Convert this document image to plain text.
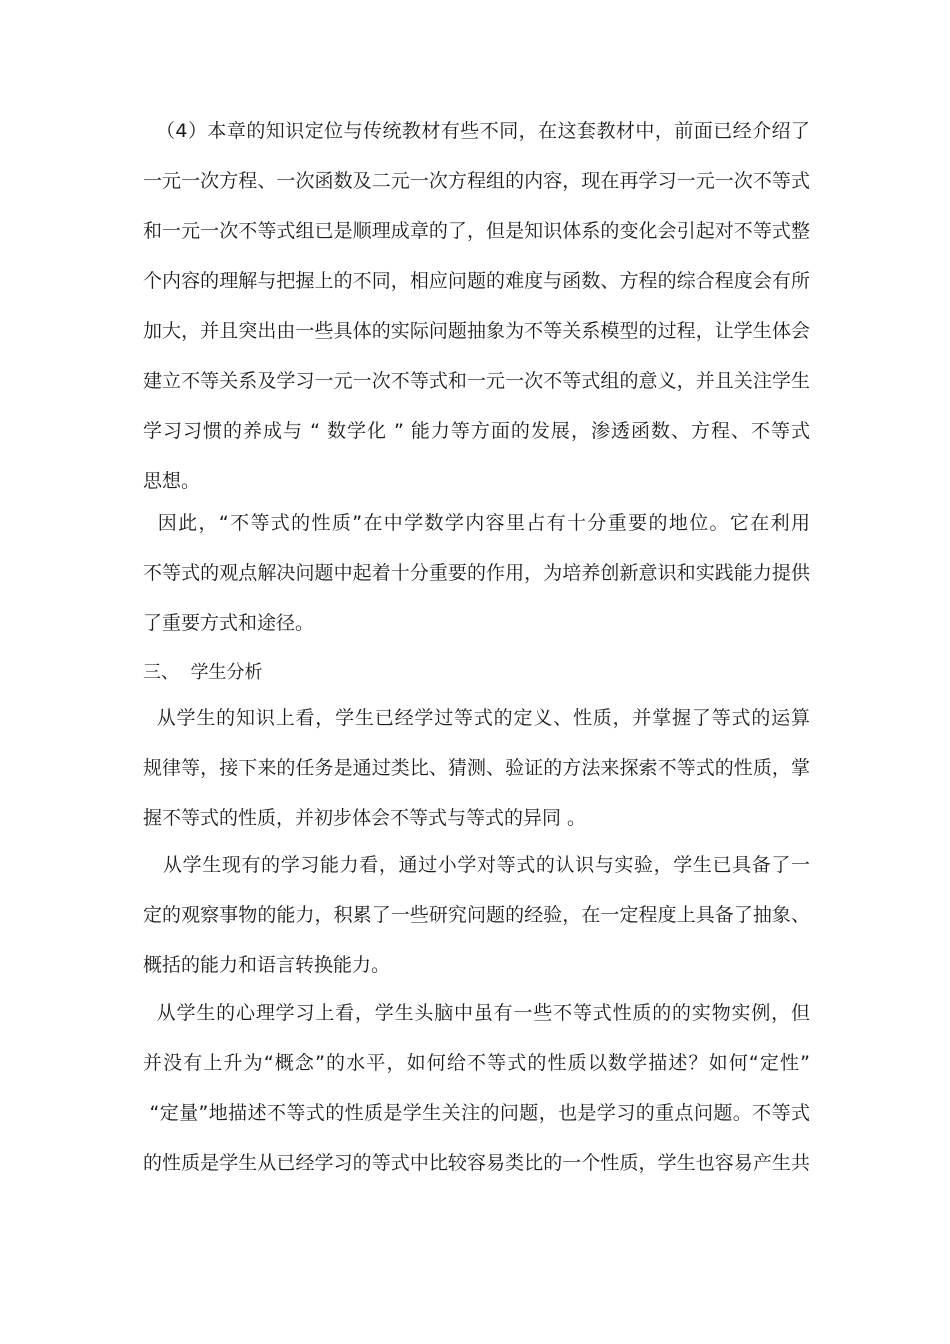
（4）本章的知识定位与传统教材有些不同，在这套教材中，前面已经介绍了
一元一次方程、一次函数及二元一次方程组的内容，现在再学习一元一次不等式
和一元一次不等式组已是顺理成章的了，但是知识体系的变化会引起对不等式整
个内容的理解与把握上的不同，相应问题的难度与函数、方程的综合程度会有所
加大，并且突出由一些具体的实际问题抽象为不等关系模型的过程，让学生体会
建立不等关系及学习一元一次不等式和一元一次不等式组的意义，并且关注学生
学习习惯的养成与 “ 数学化 ” 能力等方面的发展，渗透函数、方程、不等式
思想。
因此，“不等式的性质”在中学数学内容里占有十分重要的地位。它在利用
不等式的观点解决问题中起着十分重要的作用，为培养创新意识和实践能力提供
了重要方式和途径。
三、  学生分析
从学生的知识上看，学生已经学过等式的定义、性质，并掌握了等式的运算
规律等，接下来的任务是通过类比、猜测、验证的方法来探索不等式的性质，掌
握不等式的性质，并初步体会不等式与等式的异同 。
从学生现有的学习能力看，通过小学对等式的认识与实验，学生已具备了一
定的观察事物的能力，积累了一些研究问题的经验，在一定程度上具备了抽象、
概括的能力和语言转换能力。
从学生的心理学习上看，学生头脑中虽有一些不等式性质的的实物实例，但
并没有上升为“概念”的水平，如何给不等式的性质以数学描述？如何“定性”
“定量”地描述不等式的性质是学生关注的问题，也是学习的重点问题。不等式
的性质是学生从已经学习的等式中比较容易类比的一个性质，学生也容易产生共
